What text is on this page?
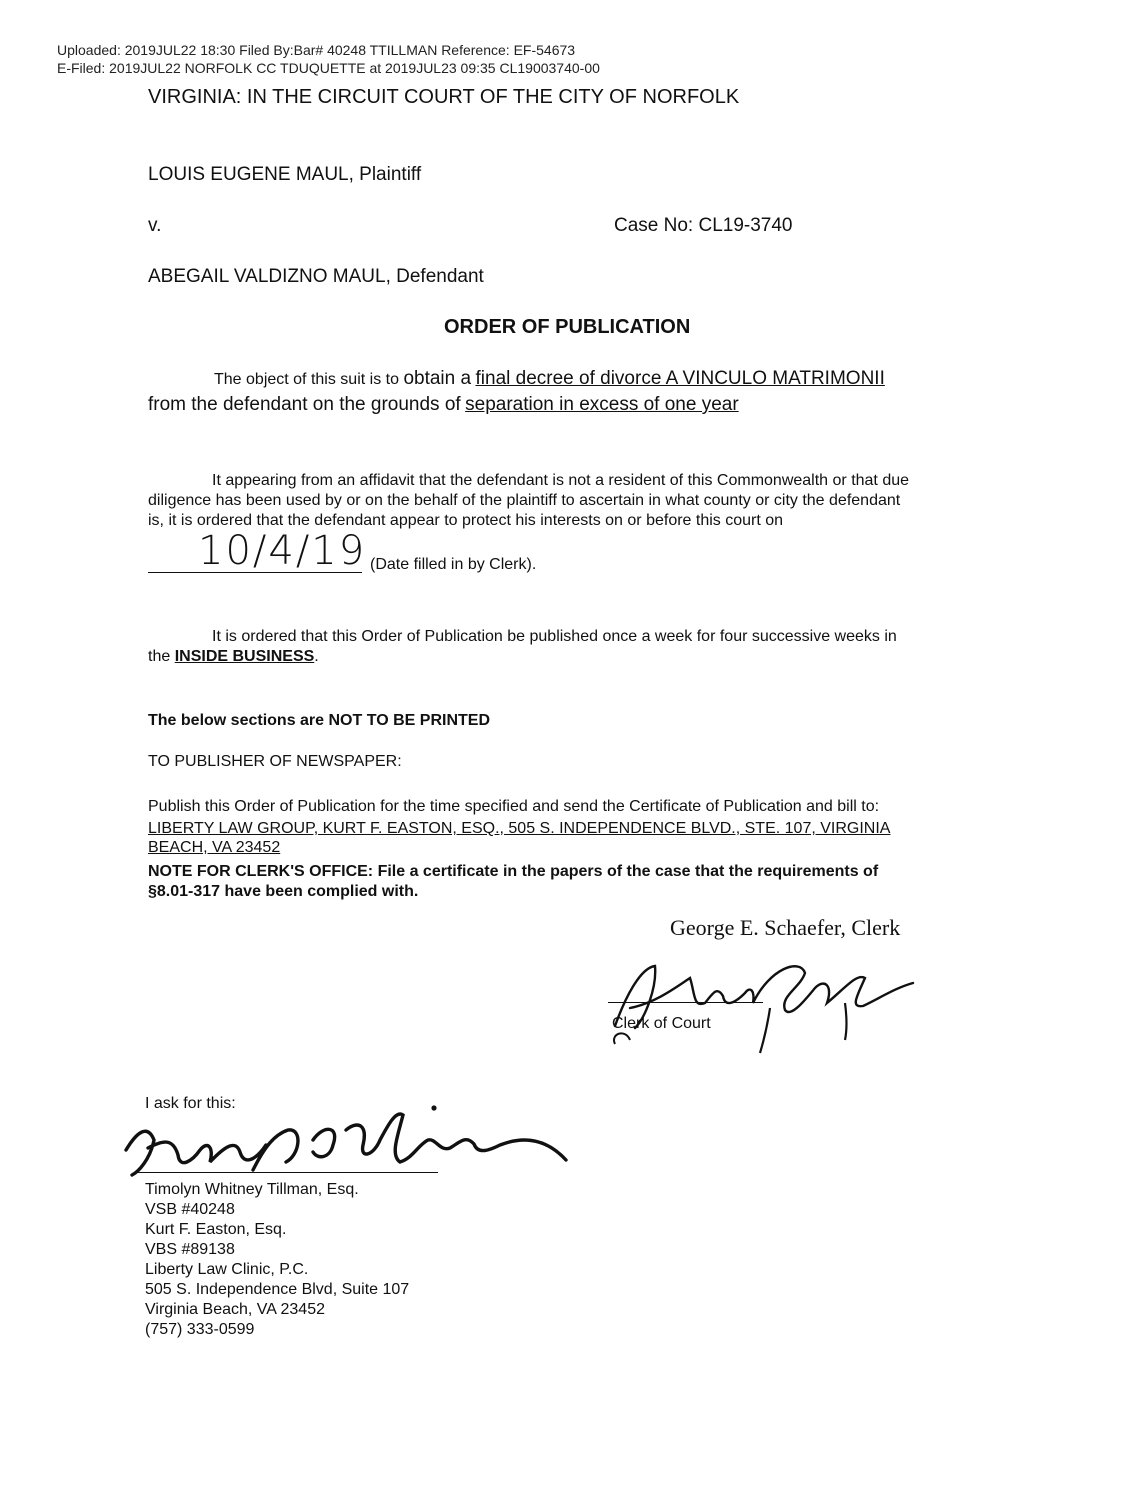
Uploaded: 2019JUL22 18:30 Filed By:Bar# 40248 TTILLMAN Reference: EF-54673
E-Filed: 2019JUL22 NORFOLK CC TDUQUETTE at 2019JUL23 09:35 CL19003740-00
VIRGINIA: IN THE CIRCUIT COURT OF THE CITY OF NORFOLK
LOUIS EUGENE MAUL, Plaintiff
v.	Case No: CL19-3740
ABEGAIL VALDIZNO MAUL, Defendant
ORDER OF PUBLICATION
The object of this suit is to obtain a final decree of divorce A VINCULO MATRIMONII
from the defendant on the grounds of separation in excess of one year
It appearing from an affidavit that the defendant is not a resident of this Commonwealth or that due
diligence has been used by or on the behalf of the plaintiff to ascertain in what county or city the defendant
is, it is ordered that the defendant appear to protect his interests on or before this court on
10/4/19 (Date filled in by Clerk).
It is ordered that this Order of Publication be published once a week for four successive weeks in
the INSIDE BUSINESS.
The below sections are NOT TO BE PRINTED
TO PUBLISHER OF NEWSPAPER:
Publish this Order of Publication for the time specified and send the Certificate of Publication and bill to:
LIBERTY LAW GROUP, KURT F. EASTON, ESQ., 505 S. INDEPENDENCE BLVD., STE. 107, VIRGINIA
BEACH, VA 23452
NOTE FOR CLERK'S OFFICE: File a certificate in the papers of the case that the requirements of
§8.01-317 have been complied with.
George E. Schaefer, Clerk
Clerk of Court
I ask for this:
Timolyn Whitney Tillman, Esq.
VSB #40248
Kurt F. Easton, Esq.
VBS #89138
Liberty Law Clinic, P.C.
505 S. Independence Blvd, Suite 107
Virginia Beach, VA 23452
(757) 333-0599
